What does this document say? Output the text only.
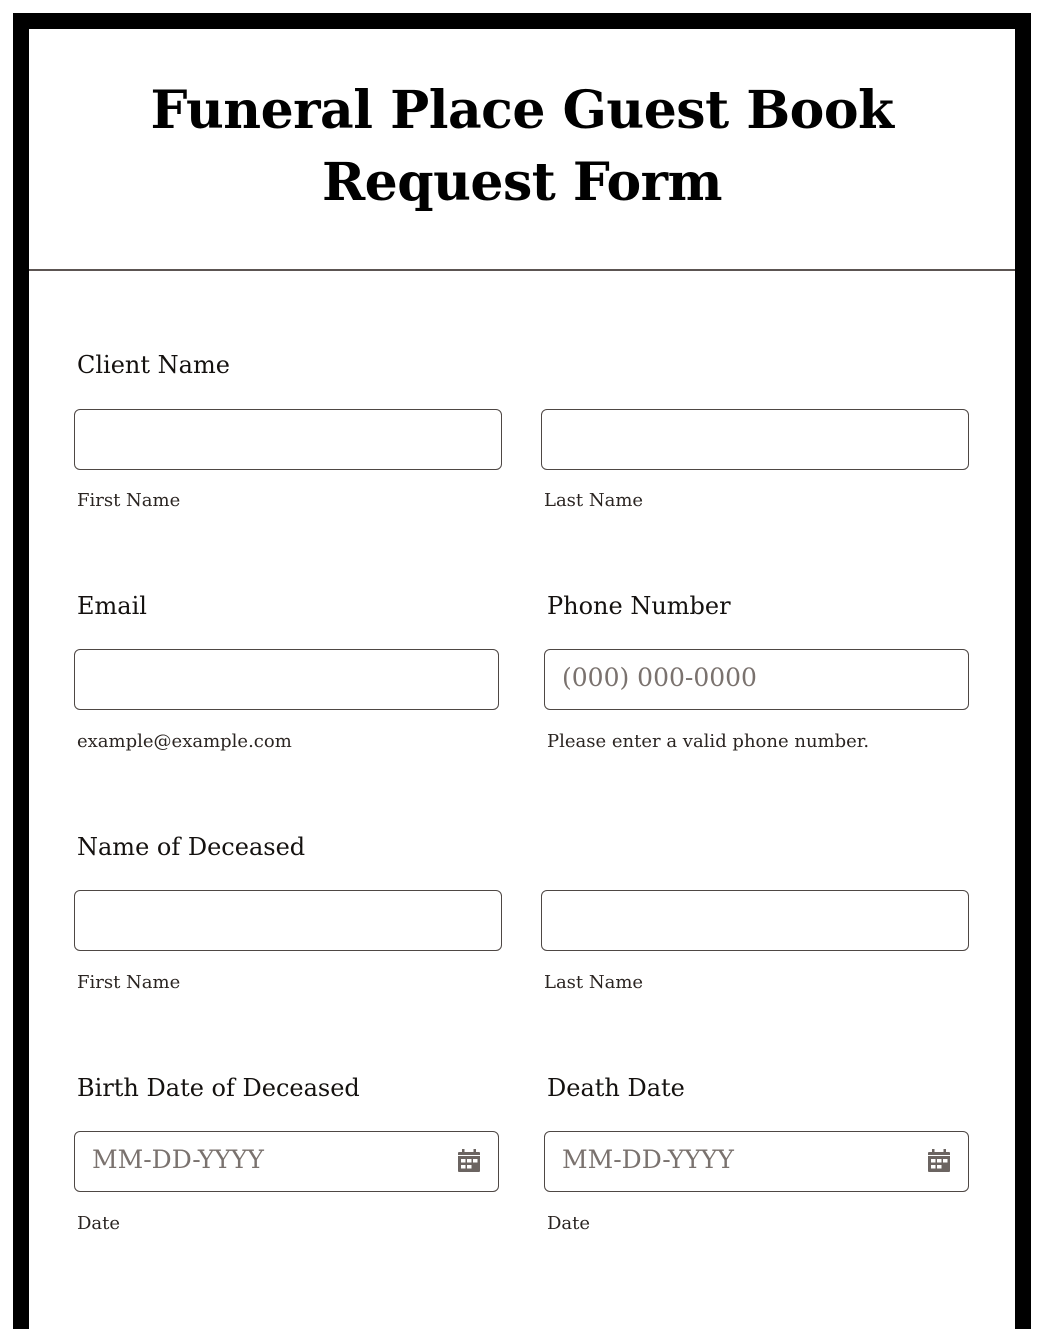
Funeral Place Guest Book Request Form
Client Name
First Name	Last Name
Email
example@example.com
Phone Number
(000) 000-0000
Please enter a valid phone number.
Name of Deceased
First Name	Last Name
Birth Date of Deceased
MM-DD-YYYY
Date
Death Date
MM-DD-YYYY
Date
